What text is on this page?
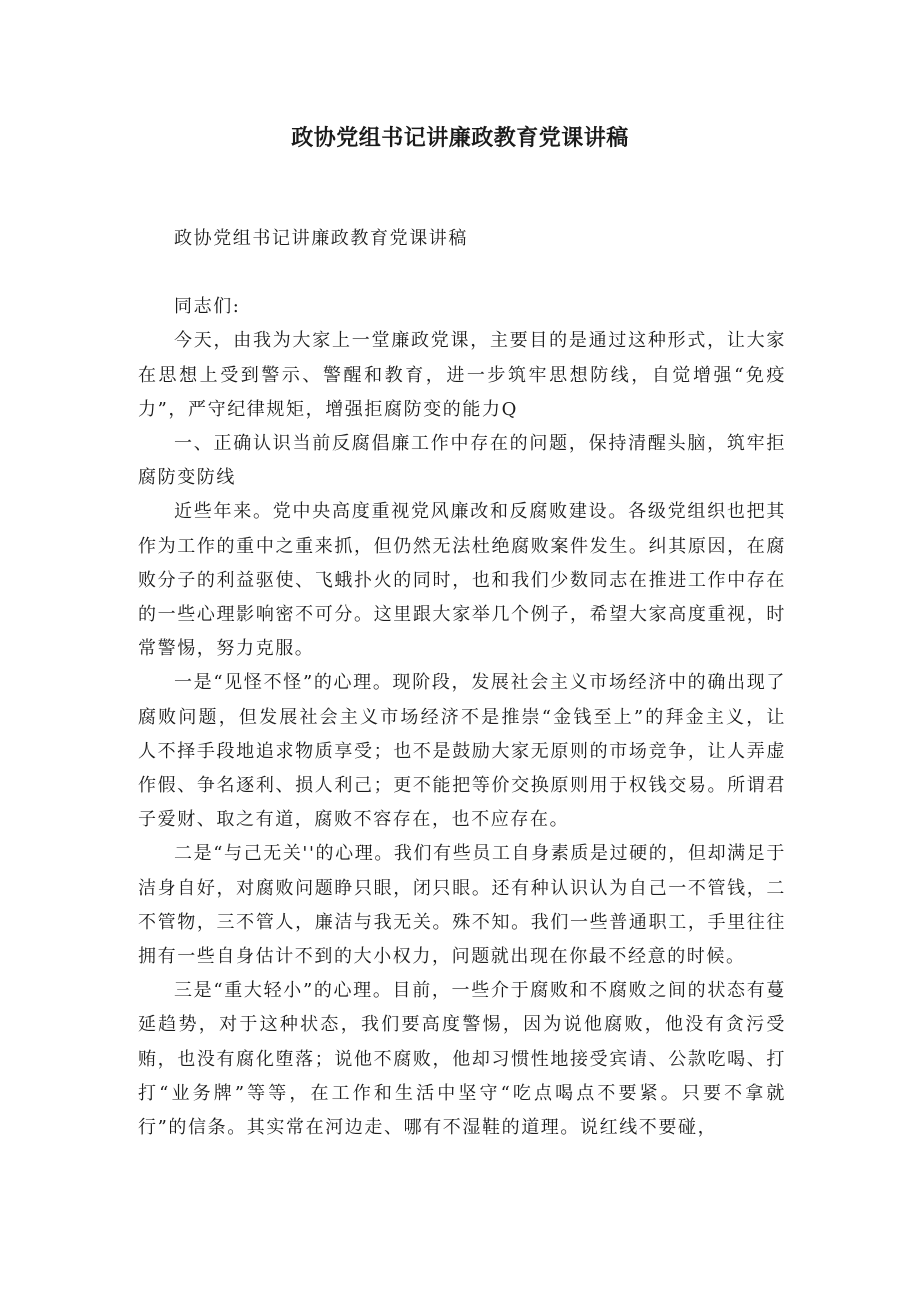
政协党组书记讲廉政教育党课讲稿

政协党组书记讲廉政教育党课讲稿

同志们:

今天，由我为大家上一堂廉政党课，主要目的是通过这种形式，让大家在思想上受到警示、警醒和教育，进一步筑牢思想防线，自觉增强“免疫力”，严守纪律规矩，增强拒腐防变的能力Q

一、正确认识当前反腐倡廉工作中存在的问题，保持清醒头脑，筑牢拒腐防变防线

近些年来。党中央高度重视党风廉改和反腐败建设。各级党组织也把其作为工作的重中之重来抓，但仍然无法杜绝腐败案件发生。纠其原因，在腐败分子的利益驱使、飞蛾扑火的同时，也和我们少数同志在推进工作中存在的一些心理影响密不可分。这里跟大家举几个例子，希望大家高度重视，时常警惕，努力克服。

一是“见怪不怪”的心理。现阶段，发展社会主义市场经济中的确出现了腐败问题，但发展社会主义市场经济不是推崇“金钱至上”的拜金主义，让人不择手段地追求物质享受；也不是鼓励大家无原则的市场竞争，让人弄虚作假、争名逐利、损人利己；更不能把等价交换原则用于权钱交易。所谓君子爱财、取之有道，腐败不容存在，也不应存在。

二是“与己无关''的心理。我们有些员工自身素质是过硬的，但却满足于洁身自好，对腐败问题睁只眼，闭只眼。还有种认识认为自己一不管钱，二不管物，三不管人，廉洁与我无关。殊不知。我们一些普通职工，手里往往拥有一些自身估计不到的大小权力，问题就出现在你最不经意的时候。

三是“重大轻小”的心理。目前，一些介于腐败和不腐败之间的状态有蔓延趋势，对于这种状态，我们要高度警惕，因为说他腐败，他没有贪污受贿，也没有腐化堕落；说他不腐败，他却习惯性地接受宾请、公款吃喝、打打“业务牌”等等，在工作和生活中坚守“吃点喝点不要紧。只要不拿就行”的信条。其实常在河边走、哪有不湿鞋的道理。说红线不要碰，
